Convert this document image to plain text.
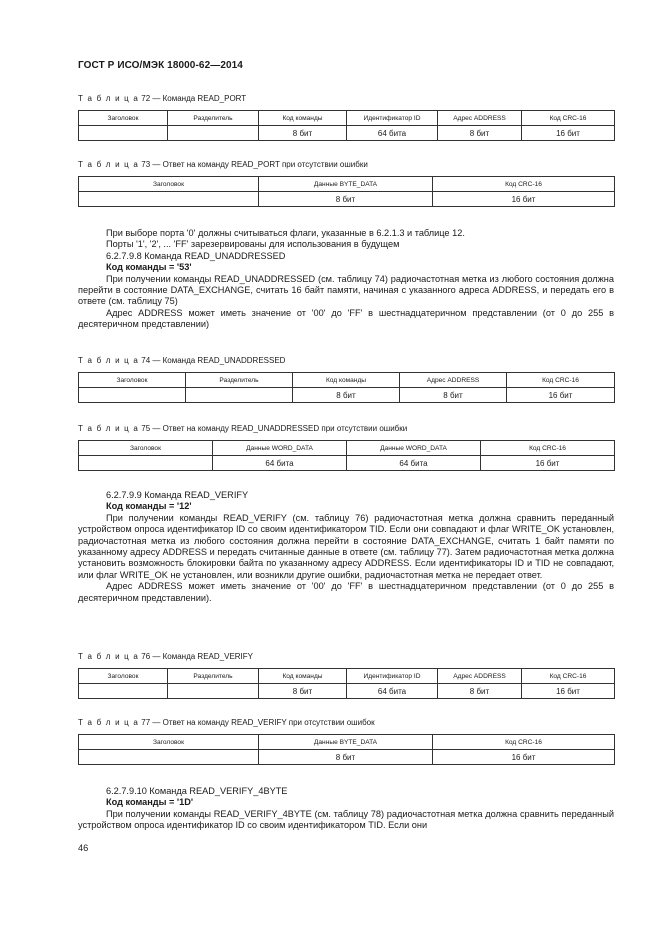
ГОСТ Р ИСО/МЭК 18000-62—2014
Т а б л и ц а 72 — Команда READ_PORT
Заголовок	Разделитель	Код команды	Идентификатор ID	Адрес ADDRESS	Код CRC-16
		8 бит	64 бита	8 бит	16 бит
Т а б л и ц а 73 — Ответ на команду READ_PORT при отсутствии ошибки
Заголовок	Данные BYTE_DATA	Код CRC-16
	8 бит	16 бит

При выборе порта '0' должны считываться флаги, указанные в 6.2.1.3 и таблице 12.

Порты '1', '2', ... 'FF' зарезервированы для использования в будущем

6.2.7.9.8 Команда READ_UNADDRESSED

Код команды = '53'

При получении команды READ_UNADDRESSED (см. таблицу 74) радиочастотная метка из любого состояния должна перейти в состояние DATA_EXCHANGE, считать 16 байт памяти, начиная с указанного адреса ADDRESS, и передать его в ответе (см. таблицу 75)

Адрес ADDRESS может иметь значение от '00' до 'FF' в шестнадцатеричном представлении (от 0 до 255 в десятеричном представлении)

Т а б л и ц а 74 — Команда READ_UNADDRESSED
Заголовок	Разделитель	Код команды	Адрес ADDRESS	Код CRC-16
		8 бит	8 бит	16 бит
Т а б л и ц а 75 — Ответ на команду READ_UNADDRESSED при отсутствии ошибки
Заголовок	Данные WORD_DATA	Данные WORD_DATA	Код CRC-16
	64 бита	64 бита	16 бит

6.2.7.9.9 Команда READ_VERIFY

Код команды = '12'

При получении команды READ_VERIFY (см. таблицу 76) радиочастотная метка должна сравнить переданный устройством опроса идентификатор ID со своим идентификатором TID. Если они совпадают и флаг WRITE_OK установлен, радиочастотная метка из любого состояния должна перейти в состояние DATA_EXCHANGE, считать 1 байт памяти по указанному адресу ADDRESS и передать считанные данные в ответе (см. таблицу 77). Затем радиочастотная метка должна установить возможность блокировки байта по указанному адресу ADDRESS. Если идентификаторы ID и TID не совпадают, или флаг WRITE_OK не установлен, или возникли другие ошибки, радиочастотная метка не передает ответ.

Адрес ADDRESS может иметь значение от '00' до 'FF' в шестнадцатеричном представлении (от 0 до 255 в десятеричном представлении).

Т а б л и ц а 76 — Команда READ_VERIFY
Заголовок	Разделитель	Код команды	Идентификатор ID	Адрес ADDRESS	Код CRC-16
		8 бит	64 бита	8 бит	16 бит
Т а б л и ц а 77 — Ответ на команду READ_VERIFY при отсутствии ошибок
Заголовок	Данные BYTE_DATA	Код CRC-16
	8 бит	16 бит

6.2.7.9.10 Команда READ_VERIFY_4BYTE

Код команды = '1D'

При получении команды READ_VERIFY_4BYTE (см. таблицу 78) радиочастотная метка должна сравнить переданный устройством опроса идентификатор ID со своим идентификатором TID. Если они

46
